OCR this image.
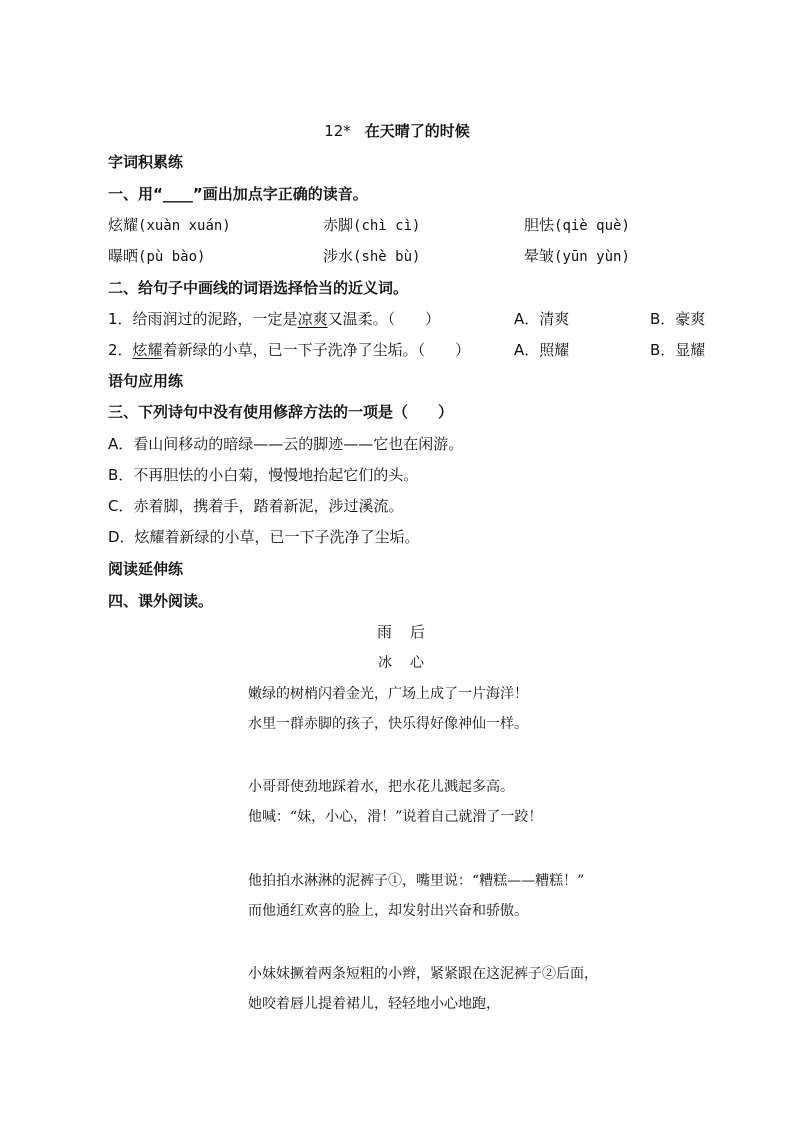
12* 在天晴了的时候
字词积累练
一、用“____”画出加点字正确的读音。
炫耀(xuàn xuán)	赤脚(chì cì)	胆怯(qiè què)
曝晒(pù bào)	涉水(shè bù)	晕皱(yūn yùn)
二、给句子中画线的词语选择恰当的近义词。
1．给雨润过的泥路，一定是凉爽又温柔。（　　）	A．清爽	B．豪爽
2．炫耀着新绿的小草，已一下子洗净了尘垢。（　　）	A．照耀	B．显耀
语句应用练
三、下列诗句中没有使用修辞方法的一项是（　　）
A．看山间移动的暗绿——云的脚迹——它也在闲游。
B．不再胆怯的小白菊，慢慢地抬起它们的头。
C．赤着脚，携着手，踏着新泥，涉过溪流。
D．炫耀着新绿的小草，已一下子洗净了尘垢。
阅读延伸练
四、课外阅读。
雨后
冰心
嫩绿的树梢闪着金光，广场上成了一片海洋！
水里一群赤脚的孩子，快乐得好像神仙一样。
小哥哥使劲地踩着水，把水花儿溅起多高。
他喊：“妹，小心，滑！”说着自己就滑了一跤！
他拍拍水淋淋的泥裤子①，嘴里说：“糟糕——糟糕！”
而他通红欢喜的脸上，却发射出兴奋和骄傲。
小妹妹撅着两条短粗的小辫，紧紧跟在这泥裤子②后面，
她咬着唇儿提着裙儿，轻轻地小心地跑，
